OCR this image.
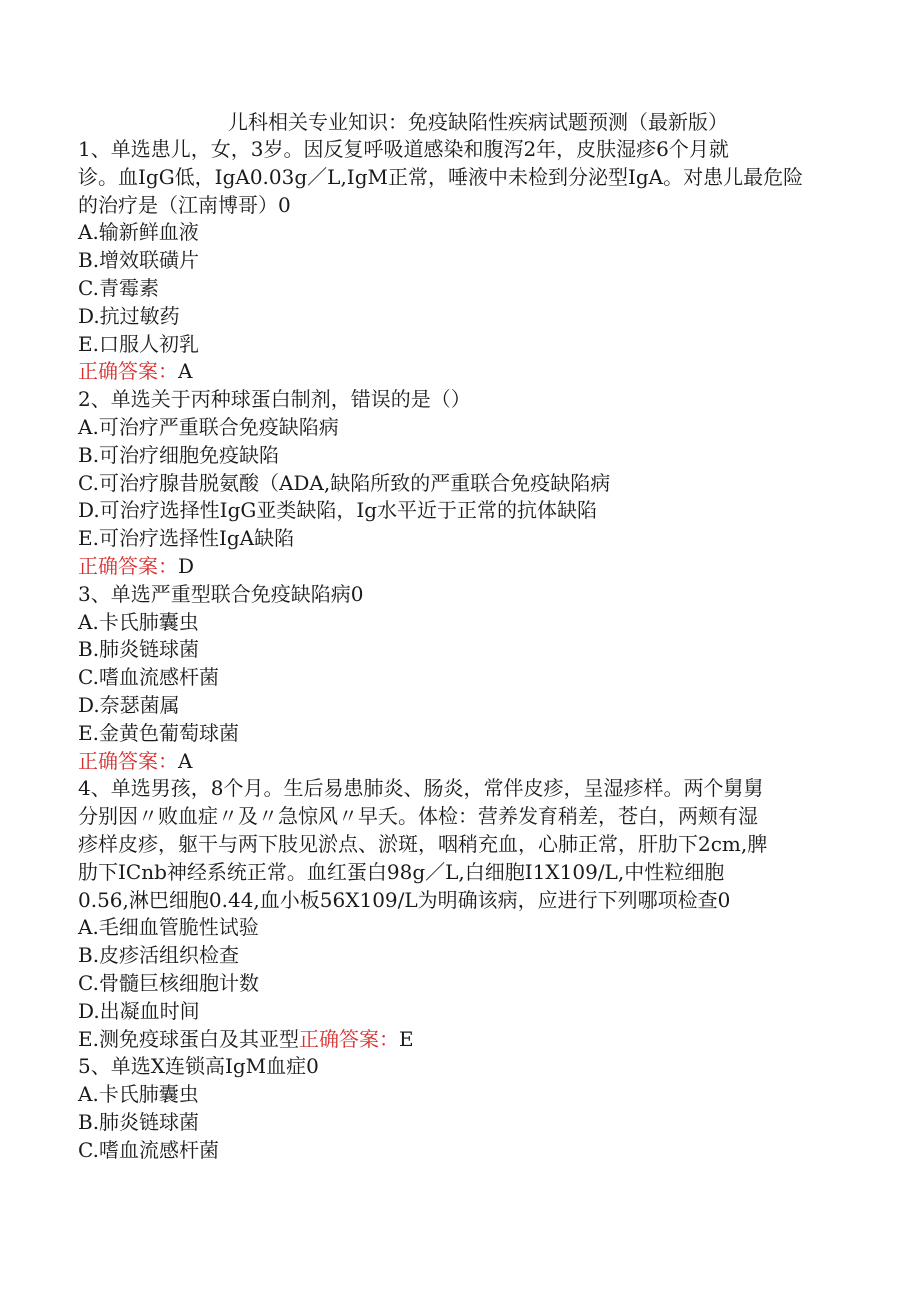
儿科相关专业知识：免疫缺陷性疾病试题预测（最新版）
1、单选患儿，女，3岁。因反复呼吸道感染和腹泻2年，皮肤湿疹6个月就
诊。血IgG低，IgA0.03g／L,IgM正常，唾液中未检到分泌型IgA。对患儿最危险
的治疗是（江南博哥）0
A.输新鲜血液
B.增效联磺片
C.青霉素
D.抗过敏药
E.口服人初乳
正确答案：A
2、单选关于丙种球蛋白制剂，错误的是（）
A.可治疗严重联合免疫缺陷病
B.可治疗细胞免疫缺陷
C.可治疗腺昔脱氨酸（ADA,缺陷所致的严重联合免疫缺陷病
D.可治疗选择性IgG亚类缺陷，Ig水平近于正常的抗体缺陷
E.可治疗选择性IgA缺陷
正确答案：D
3、单选严重型联合免疫缺陷病0
A.卡氏肺囊虫
B.肺炎链球菌
C.嗜血流感杆菌
D.奈瑟菌属
E.金黄色葡萄球菌
正确答案：A
4、单选男孩，8个月。生后易患肺炎、肠炎，常伴皮疹，呈湿疹样。两个舅舅
分别因〃败血症〃及〃急惊风〃早夭。体检：营养发育稍差，苍白，两颊有湿
疹样皮疹，躯干与两下肢见淤点、淤斑，咽稍充血，心肺正常，肝肋下2cm,脾
肋下ICnb神经系统正常。血红蛋白98g／L,白细胞I1X109/L,中性粒细胞
0.56,淋巴细胞0.44,血小板56X109/L为明确该病，应进行下列哪项检查0
A.毛细血管脆性试验
B.皮疹活组织检查
C.骨髓巨核细胞计数
D.出凝血时间
E.测免疫球蛋白及其亚型正确答案：E
5、单选X连锁高IgM血症0
A.卡氏肺囊虫
B.肺炎链球菌
C.嗜血流感杆菌
